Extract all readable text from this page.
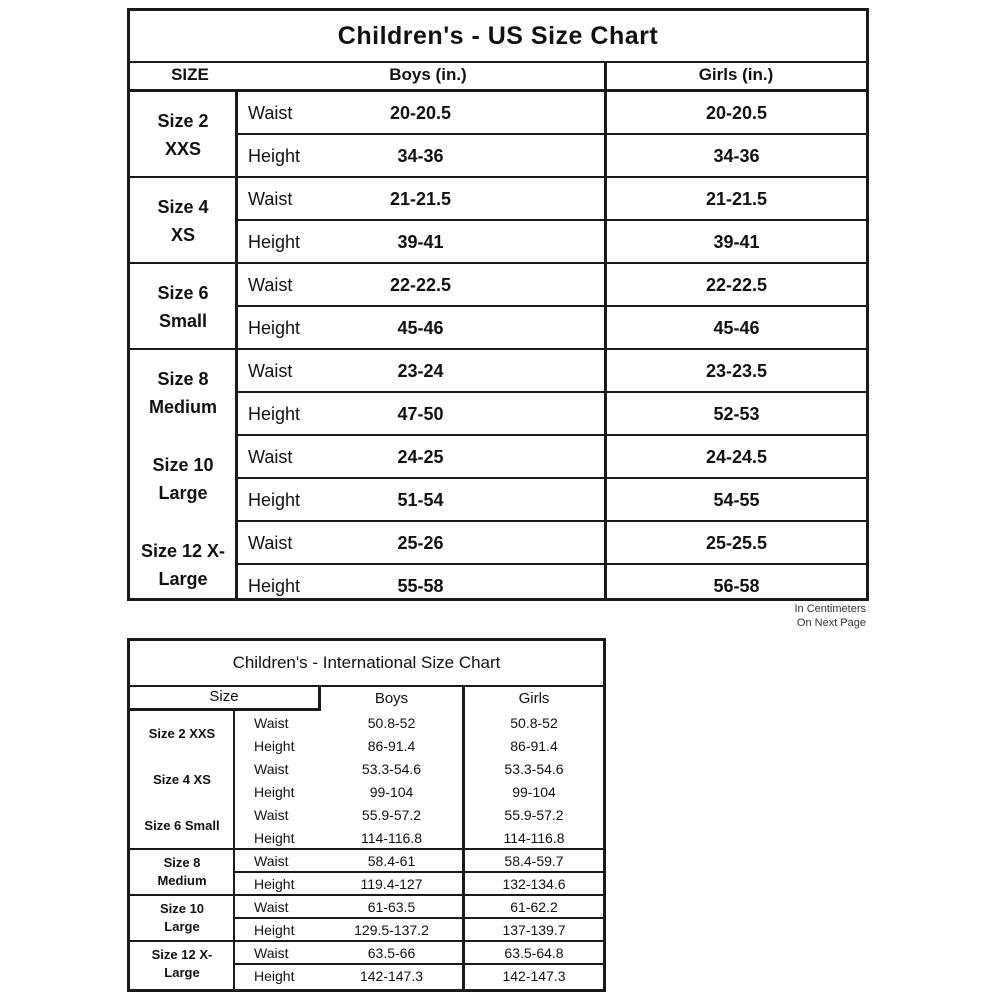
Children's - US Size Chart
SIZE	Boys (in.)	Girls (in.)
Size 2
XXS
Waist	20-20.5	20-20.5
Height	34-36	34-36
Size 4
XS
Waist	21-21.5	21-21.5
Height	39-41	39-41
Size 6
Small
Waist	22-22.5	22-22.5
Height	45-46	45-46
Size 8
Medium
Waist	23-24	23-23.5
Height	47-50	52-53
Size 10
Large
Waist	24-25	24-24.5
Height	51-54	54-55
Size 12 X-
Large
Waist	25-26	25-25.5
Height	55-58	56-58
In Centimeters
On Next Page
Children's - International Size Chart
Size	Boys	Girls
Size 2 XXS
Waist	50.8-52	50.8-52
Height	86-91.4	86-91.4
Size 4 XS
Waist	53.3-54.6	53.3-54.6
Height	99-104	99-104
Size 6 Small
Waist	55.9-57.2	55.9-57.2
Height	114-116.8	114-116.8
Size 8
Medium
Waist	58.4-61	58.4-59.7
Height	119.4-127	132-134.6
Size 10
Large
Waist	61-63.5	61-62.2
Height	129.5-137.2	137-139.7
Size 12 X-
Large
Waist	63.5-66	63.5-64.8
Height	142-147.3	142-147.3
